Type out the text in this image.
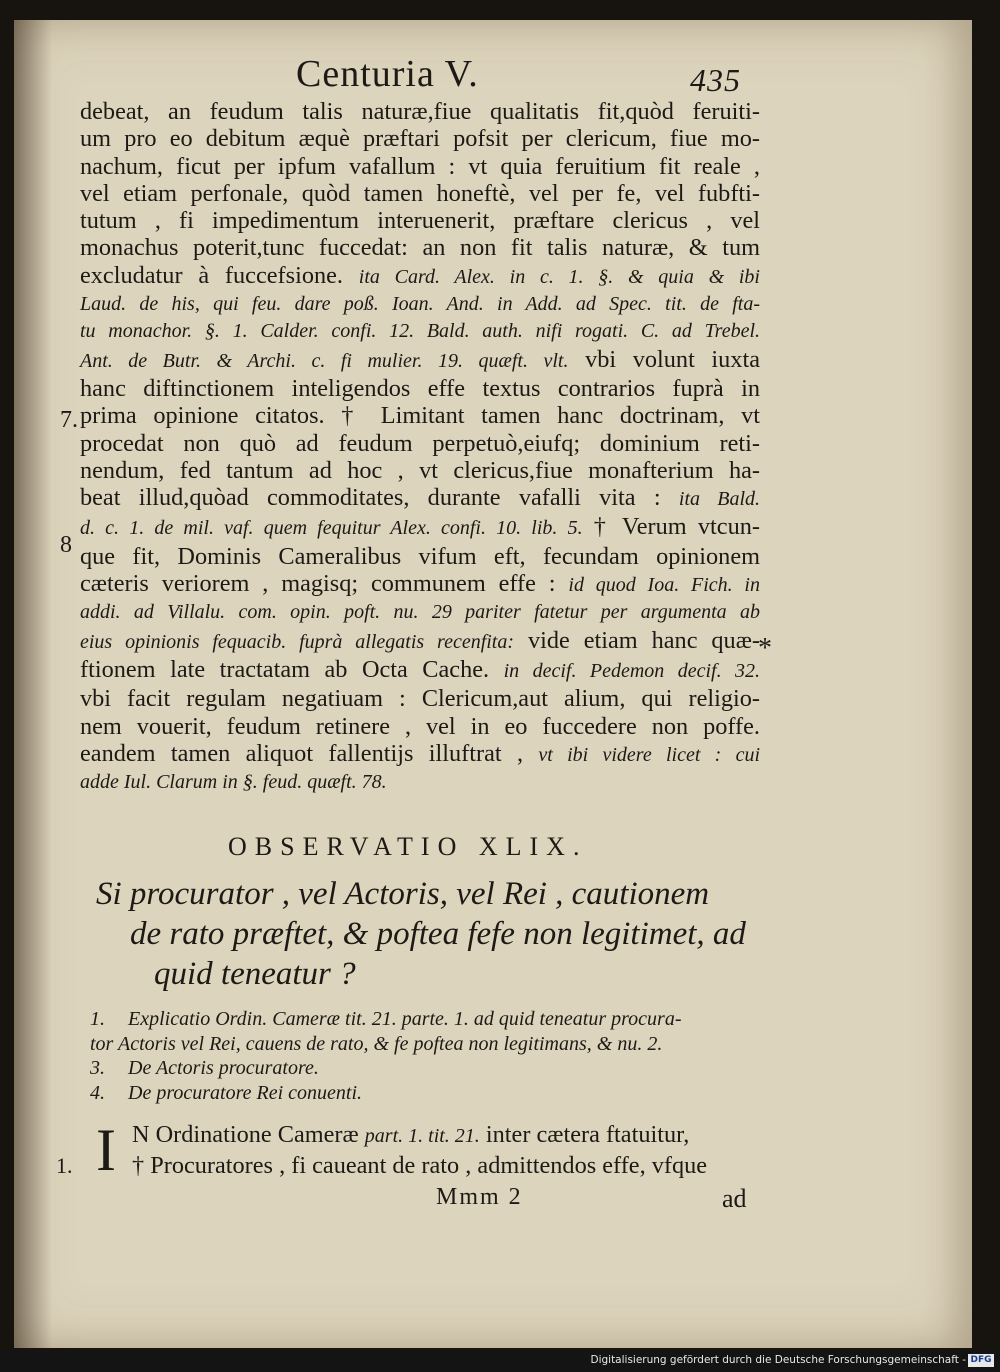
Centuria V.	435
debeat, an feudum talis naturæ,fiue qualitatis fit,quòd feruiti-
um pro eo debitum æquè præftari pofsit per clericum, fiue mo-
nachum, ficut per ipfum vafallum : vt quia feruitium fit reale ,
vel etiam perfonale, quòd tamen honeftè, vel per fe, vel fubfti-
tutum , fi impedimentum interuenerit, præftare clericus , vel
monachus poterit,tunc fuccedat: an non fit talis naturæ, & tum
excludatur à fuccefsione. ita Card. Alex. in c. 1. §. & quia & ibi
Laud. de his, qui feu. dare poß. Ioan. And. in Add. ad Spec. tit. de fta-
tu monachor. §. 1. Calder. confi. 12. Bald. auth. nifi rogati. C. ad Trebel.
Ant. de Butr. & Archi. c. fi mulier. 19. quæft. vlt. vbi volunt iuxta
hanc diftinctionem inteligendos effe textus contrarios fuprà in
prima opinione citatos. † Limitant tamen hanc doctrinam, vt
procedat non quò ad feudum perpetuò,eiufq; dominium reti-
nendum, fed tantum ad hoc , vt clericus,fiue monafterium ha-
beat illud,quòad commoditates, durante vafalli vita : ita Bald.
d. c. 1. de mil. vaf. quem fequitur Alex. confi. 10. lib. 5. † Verum vtcun-
que fit, Dominis Cameralibus vifum eft, fecundam opinionem
cæteris veriorem , magisq; communem effe : id quod Ioa. Fich. in
addi. ad Villalu. com. opin. poft. nu. 29 pariter fatetur per argumenta ab
eius opinionis fequacib. fuprà allegatis recenfita: vide etiam hanc quæ-
ftionem late tractatam ab Octa Cache. in decif. Pedemon decif. 32.
vbi facit regulam negatiuam : Clericum,aut alium, qui religio-
nem vouerit, feudum retinere , vel in eo fuccedere non poffe.
eandem tamen aliquot fallentijs illuftrat , vt ibi videre licet : cui
adde Iul. Clarum in §. feud. quæft. 78.
7.
8
*
1.
OBSERVATIO XLIX.
Si procurator , vel Actoris, vel Rei , cautionem
de rato præftet, & poftea fefe non legitimet, ad
quid teneatur ?
1. Explicatio Ordin. Cameræ tit. 21. parte. 1. ad quid teneatur procura-
tor Actoris vel Rei, cauens de rato, & fe poftea non legitimans, & nu. 2.
3. De Actoris procuratore.
4. De procuratore Rei conuenti.
I N Ordinatione Cameræ part. 1. tit. 21. inter cætera ftatuitur,
† Procuratores , fi caueant de rato , admittendos effe, vfque
Mmm 2	ad
Digitalisierung gefördert durch die Deutsche Forschungsgemeinschaft - DFG
